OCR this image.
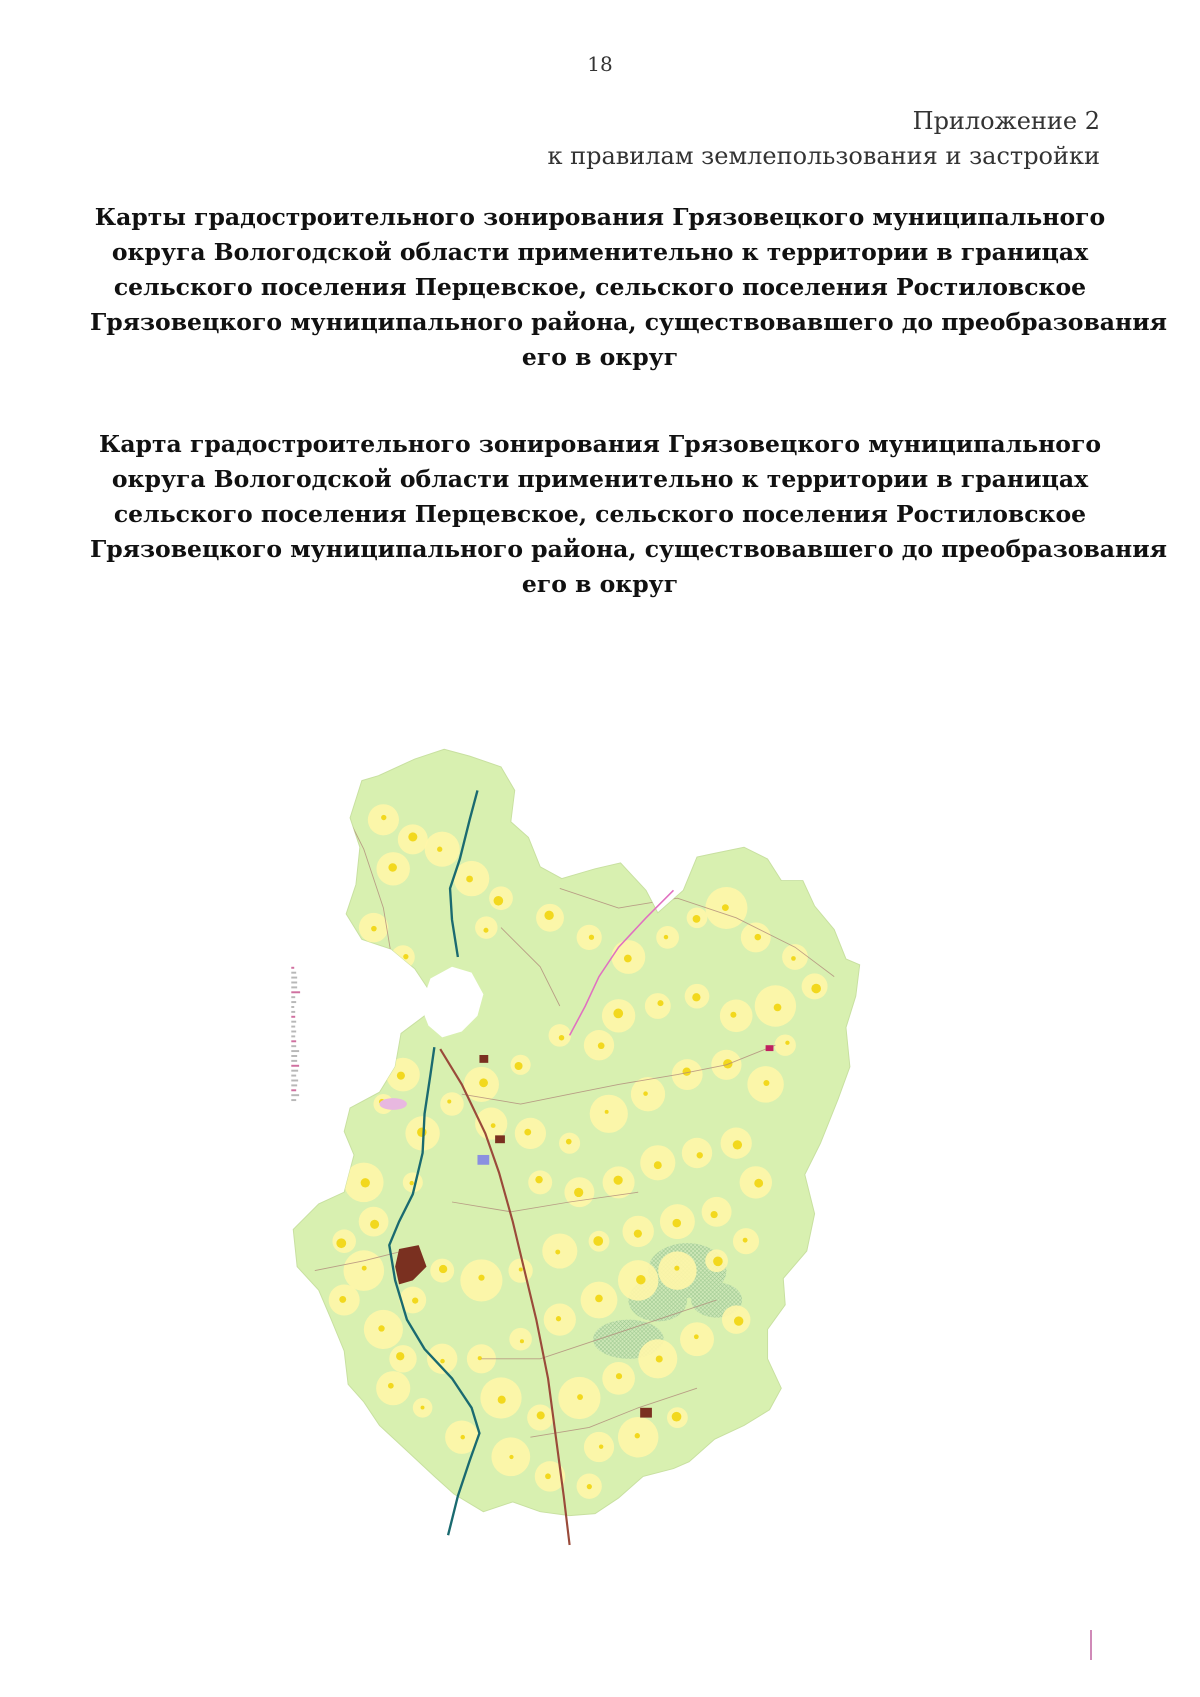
18
Приложение 2
к правилам землепользования и застройки
Карты градостроительного зонирования Грязовецкого муниципального
округа Вологодской области применительно к территории в границах
сельского поселения Перцевское, сельского поселения Ростиловское
Грязовецкого муниципального района, существовавшего до преобразования
его в округ
Карта градостроительного зонирования Грязовецкого муниципального
округа Вологодской области применительно к территории в границах
сельского поселения Перцевское, сельского поселения Ростиловское
Грязовецкого муниципального района, существовавшего до преобразования
его в округ
